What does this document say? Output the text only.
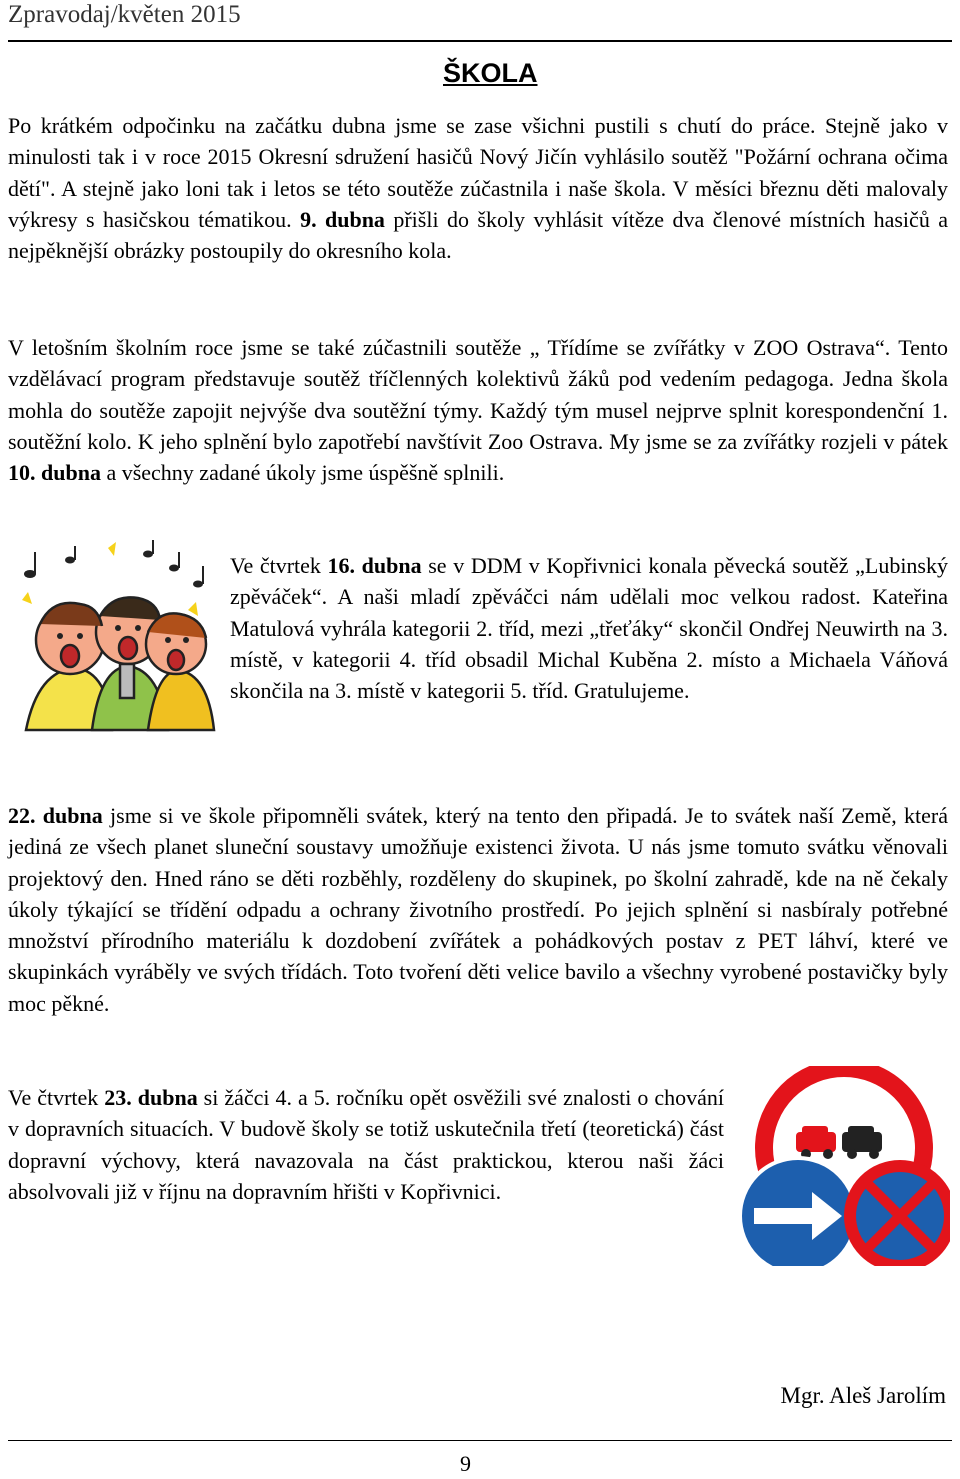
Zpravodaj/květen 2015
ŠKOLA

Po krátkém odpočinku na začátku dubna jsme se zase všichni pustili s chutí do práce. Stejně jako v minulosti tak i v roce 2015 Okresní sdružení hasičů Nový Jičín vyhlásilo soutěž "Požární ochrana očima dětí". A stejně jako loni tak i letos se této soutěže zúčastnila i naše škola. V měsíci březnu děti malovaly výkresy s hasičskou tématikou. 9. dubna přišli do školy vyhlásit vítěze dva členové místních hasičů a nejpěknější obrázky postoupily do okresního kola.

V letošním školním roce jsme se také zúčastnili soutěže „ Třídíme se zvířátky v ZOO Ostrava“. Tento vzdělávací program představuje soutěž tříčlenných kolektivů žáků pod vedením pedagoga. Jedna škola mohla do soutěže zapojit nejvýše dva soutěžní týmy. Každý tým musel nejprve splnit korespondenční 1. soutěžní kolo. K jeho splnění bylo zapotřebí navštívit Zoo Ostrava. My jsme se za zvířátky rozjeli v pátek 10. dubna a všechny zadané úkoly jsme úspěšně splnili.

Ve čtvrtek 16. dubna se v DDM v Kopřivnici konala pěvecká soutěž „Lubinský zpěváček“. A naši mladí zpěváčci nám udělali moc velkou radost. Kateřina Matulová vyhrála kategorii 2. tříd, mezi „třeťáky“ skončil Ondřej Neuwirth na 3. místě, v kategorii 4. tříd obsadil Michal Kuběna 2. místo a Michaela Váňová skončila na 3. místě v kategorii 5. tříd. Gratulujeme.

22. dubna jsme si ve škole připomněli svátek, který na tento den připadá. Je to svátek naší Země, která jediná ze všech planet sluneční soustavy umožňuje existenci života. U nás jsme tomuto svátku věnovali projektový den. Hned ráno se děti rozběhly, rozděleny do skupinek, po školní zahradě, kde na ně čekaly úkoly týkající se třídění odpadu a ochrany životního prostředí. Po jejich splnění si nasbíraly potřebné množství přírodního materiálu k dozdobení zvířátek a pohádkových postav z PET láhví, které ve skupinkách vyráběly ve svých třídách. Toto tvoření děti velice bavilo a všechny vyrobené postavičky byly moc pěkné.

Ve čtvrtek 23. dubna si žáčci 4. a 5. ročníku opět osvěžili své znalosti o chování v dopravních situacích. V budově školy se totiž uskutečnila třetí (teoretická) část dopravní výchovy, která navazovala na část praktickou, kterou naši žáci absolvovali již v říjnu na dopravním hřišti v Kopřivnici.

Mgr. Aleš Jarolím
9
